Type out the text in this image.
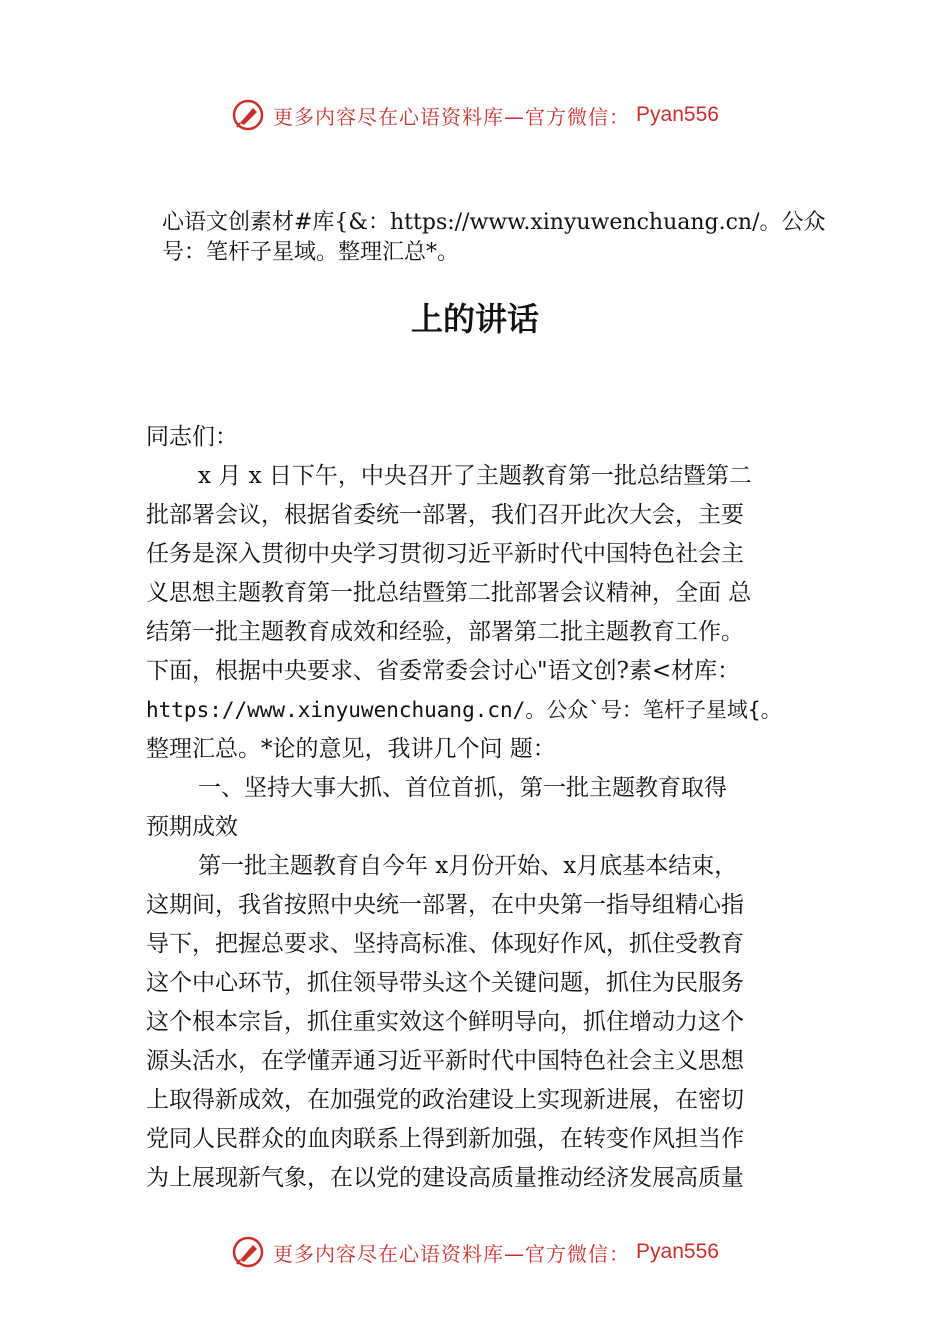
更多内容尽在心语资料库—官方微信： Pyan556
心语文创素材#库{&：https://www.xinyuwenchuang.cn/。公众号：笔杆子星域。整理汇总*。
上的讲话

同志们：

x 月 x 日下午，中央召开了主题教育第一批总结暨第二

批部署会议，根据省委统一部署，我们召开此次大会，主要

任务是深入贯彻中央学习贯彻习近平新时代中国特色社会主

义思想主题教育第一批总结暨第二批部署会议精神，全面 总

结第一批主题教育成效和经验，部署第二批主题教育工作。

下面，根据中央要求、省委常委会讨心"语文创?素<材库：

https://www.xinyuwenchuang.cn/。公众`号：笔杆子星域{。

整理汇总。*论的意见，我讲几个问 题：

一、坚持大事大抓、首位首抓，第一批主题教育取得

预期成效

第一批主题教育自今年 x月份开始、x月底基本结束，

这期间，我省按照中央统一部署，在中央第一指导组精心指

导下，把握总要求、坚持高标准、体现好作风，抓住受教育

这个中心环节，抓住领导带头这个关键问题，抓住为民服务

这个根本宗旨，抓住重实效这个鲜明导向，抓住增动力这个

源头活水，在学懂弄通习近平新时代中国特色社会主义思想

上取得新成效，在加强党的政治建设上实现新进展，在密切

党同人民群众的血肉联系上得到新加强，在转变作风担当作

为上展现新气象，在以党的建设高质量推动经济发展高质量

更多内容尽在心语资料库—官方微信： Pyan556
